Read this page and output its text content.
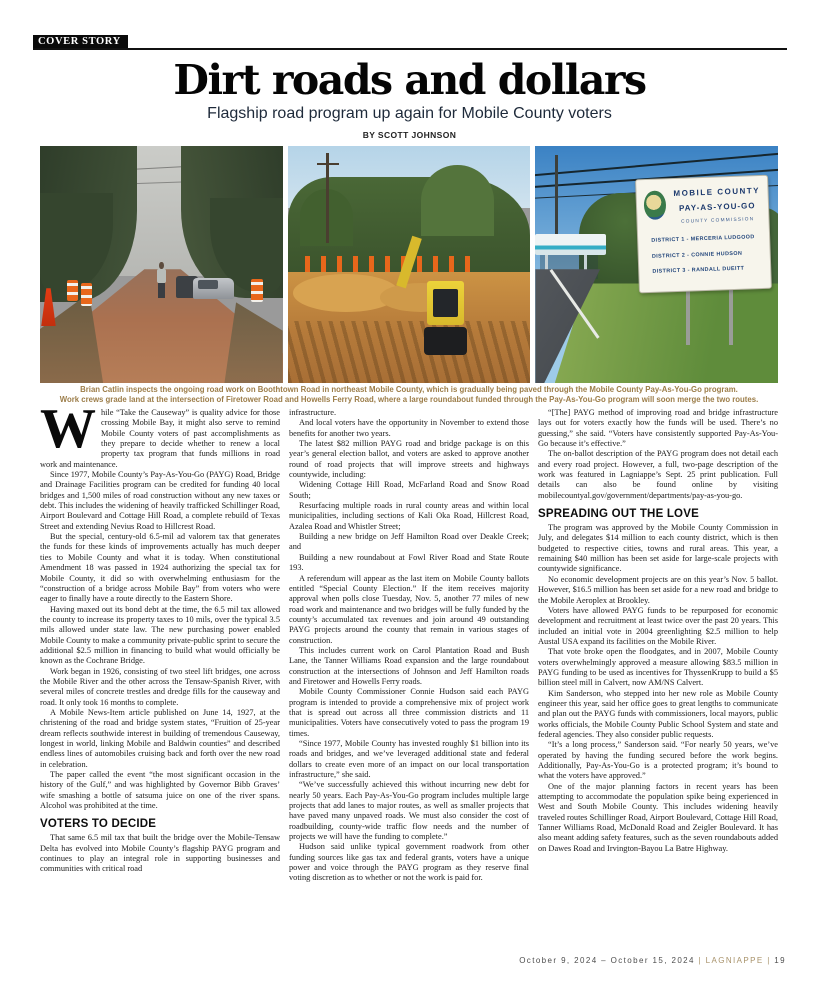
COVER STORY
Dirt roads and dollars
Flagship road program up again for Mobile County voters
BY SCOTT JOHNSON
MOBILE COUNTY
PAY-AS-YOU-GO
COUNTY COMMISSION
DISTRICT 1 - MERCERIA LUDGOOD
DISTRICT 2 - CONNIE HUDSON
DISTRICT 3 - RANDALL DUEITT
Brian Catlin inspects the ongoing road work on Boothtown Road in northeast Mobile County, which is gradually being paved through the Mobile County Pay-As-You-Go program.
Work crews grade land at the intersection of Firetower Road and Howells Ferry Road, where a large roundabout funded through the Pay-As-You-Go program will soon merge the two routes.

While “Take the Causeway” is quality advice for those crossing Mobile Bay, it might also serve to remind Mobile County voters of past accomplishments as they prepare to decide whether to renew a local property tax program that funds millions in road work and maintenance.

Since 1977, Mobile County’s Pay-As-You-Go (PAYG) Road, Bridge and Drainage Facilities program can be credited for funding 40 local bridges and 1,500 miles of road construction without any new taxes or debt. This includes the widening of heavily trafficked Schillinger Road, Airport Boulevard and Cottage Hill Road, a complete rebuild of Texas Street and extending Nevius Road to Hillcrest Road.

But the special, century-old 6.5-mil ad valorem tax that generates the funds for these kinds of improvements actually has much deeper ties to Mobile County and what it is today. When constitutional Amendment 18 was passed in 1924 authorizing the special tax for Mobile County, it did so with overwhelming enthusiasm for the “construction of a bridge across Mobile Bay” from voters who were eager to finally have a route directly to the Eastern Shore.

Having maxed out its bond debt at the time, the 6.5 mil tax allowed the county to increase its property taxes to 10 mils, over the typical 3.5 mils allowed under state law. The new purchasing power enabled Mobile County to make a community private-public sprint to secure the additional $2.5 million in financing to build what would officially be known as the Cochrane Bridge.

Work began in 1926, consisting of two steel lift bridges, one across the Mobile River and the other across the Tensaw-Spanish River, with several miles of concrete trestles and dredge fills for the causeway and road. It only took 16 months to complete.

A Mobile News-Item article published on June 14, 1927, at the christening of the road and bridge system states, “Fruition of 25-year dream reflects southwide interest in building of tremendous Causeway, longest in world, linking Mobile and Baldwin counties” and described endless lines of automobiles cruising back and forth over the new road in celebration.

The paper called the event “the most significant occasion in the history of the Gulf,” and was highlighted by Governor Bibb Graves’ wife smashing a bottle of satsuma juice on one of the river spans. Alcohol was prohibited at the time.

VOTERS TO DECIDE

That same 6.5 mil tax that built the bridge over the Mobile-Tensaw Delta has evolved into Mobile County’s flagship PAYG program and continues to play an integral role in supporting businesses and communities with critical road

infrastructure.

And local voters have the opportunity in November to extend those benefits for another two years.

The latest $82 million PAYG road and bridge package is on this year’s general election ballot, and voters are asked to approve another round of road projects that will improve streets and highways countywide, including:

Widening Cottage Hill Road, McFarland Road and Snow Road South;

Resurfacing multiple roads in rural county areas and within local municipalities, including sections of Kali Oka Road, Hillcrest Road, Azalea Road and Whistler Street;

Building a new bridge on Jeff Hamilton Road over Deakle Creek; and

Building a new roundabout at Fowl River Road and State Route 193.

A referendum will appear as the last item on Mobile County ballots entitled “Special County Election.” If the item receives majority approval when polls close Tuesday, Nov. 5, another 77 miles of new road work and maintenance and two bridges will be fully funded by the county’s accumulated tax revenues and join around 49 outstanding PAYG projects around the county that remain in various stages of construction.

This includes current work on Carol Plantation Road and Bush Lane, the Tanner Williams Road expansion and the large roundabout construction at the intersections of Johnson and Jeff Hamilton roads and Firetower and Howells Ferry roads.

Mobile County Commissioner Connie Hudson said each PAYG program is intended to provide a comprehensive mix of project work that is spread out across all three commission districts and 11 municipalities. Voters have consecutively voted to pass the program 19 times.

“Since 1977, Mobile County has invested roughly $1 billion into its roads and bridges, and we’ve leveraged additional state and federal dollars to create even more of an impact on our local transportation infrastructure,” she said.

“We’ve successfully achieved this without incurring new debt for nearly 50 years. Each Pay-As-You-Go program includes multiple large projects that add lanes to major routes, as well as smaller projects that have paved many unpaved roads. We must also consider the cost of roadbuilding, county-wide traffic flow needs and the number of projects we will have the funding to complete.”

Hudson said unlike typical government roadwork from other funding sources like gas tax and federal grants, voters have a unique power and voice through the PAYG program as they reserve final voting discretion as to whether or not the work is paid for.

“[The] PAYG method of improving road and bridge infrastructure lays out for voters exactly how the funds will be used. There’s no guessing,” she said. “Voters have consistently supported Pay-As-You-Go because it’s effective.”

The on-ballot description of the PAYG program does not detail each and every road project. However, a full, two-page description of the work was featured in Lagniappe’s Sept. 25 print publication. Full details can also be found online by visiting mobilecountyal.gov/government/departments/pay-as-you-go.

SPREADING OUT THE LOVE

The program was approved by the Mobile County Commission in July, and delegates $14 million to each county district, which is then budgeted to respective cities, towns and rural areas. This year, a remaining $40 million has been set aside for large-scale projects with countywide significance.

No economic development projects are on this year’s Nov. 5 ballot. However, $16.5 million has been set aside for a new road and bridge to the Mobile Aeroplex at Brookley.

Voters have allowed PAYG funds to be repurposed for economic development and recruitment at least twice over the past 20 years. This included an initial vote in 2004 greenlighting $2.5 million to help Austal USA expand its facilities on the Mobile River.

That vote broke open the floodgates, and in 2007, Mobile County voters overwhelmingly approved a measure allowing $83.5 million in PAYG funding to be used as incentives for ThyssenKrupp to build a $5 billion steel mill in Calvert, now AM/NS Calvert.

Kim Sanderson, who stepped into her new role as Mobile County engineer this year, said her office goes to great lengths to communicate and plan out the PAYG funds with commissioners, local mayors, public works officials, the Mobile County Public School System and state and federal agencies. They also consider public requests.

“It’s a long process,” Sanderson said. “For nearly 50 years, we’ve operated by having the funding secured before the work begins. Additionally, Pay-As-You-Go is a protected program; it’s bound to what the voters have approved.”

One of the major planning factors in recent years has been attempting to accommodate the population spike being experienced in West and South Mobile County. This includes widening heavily traveled routes Schillinger Road, Airport Boulevard, Cottage Hill Road, Tanner Williams Road, McDonald Road and Zeigler Boulevard. It has also meant adding safety features, such as the seven roundabouts added on Dawes Road and Irvington-Bayou La Batre Highway.

October 9, 2024 – October 15, 2024 | LAGNIAPPE | 19
